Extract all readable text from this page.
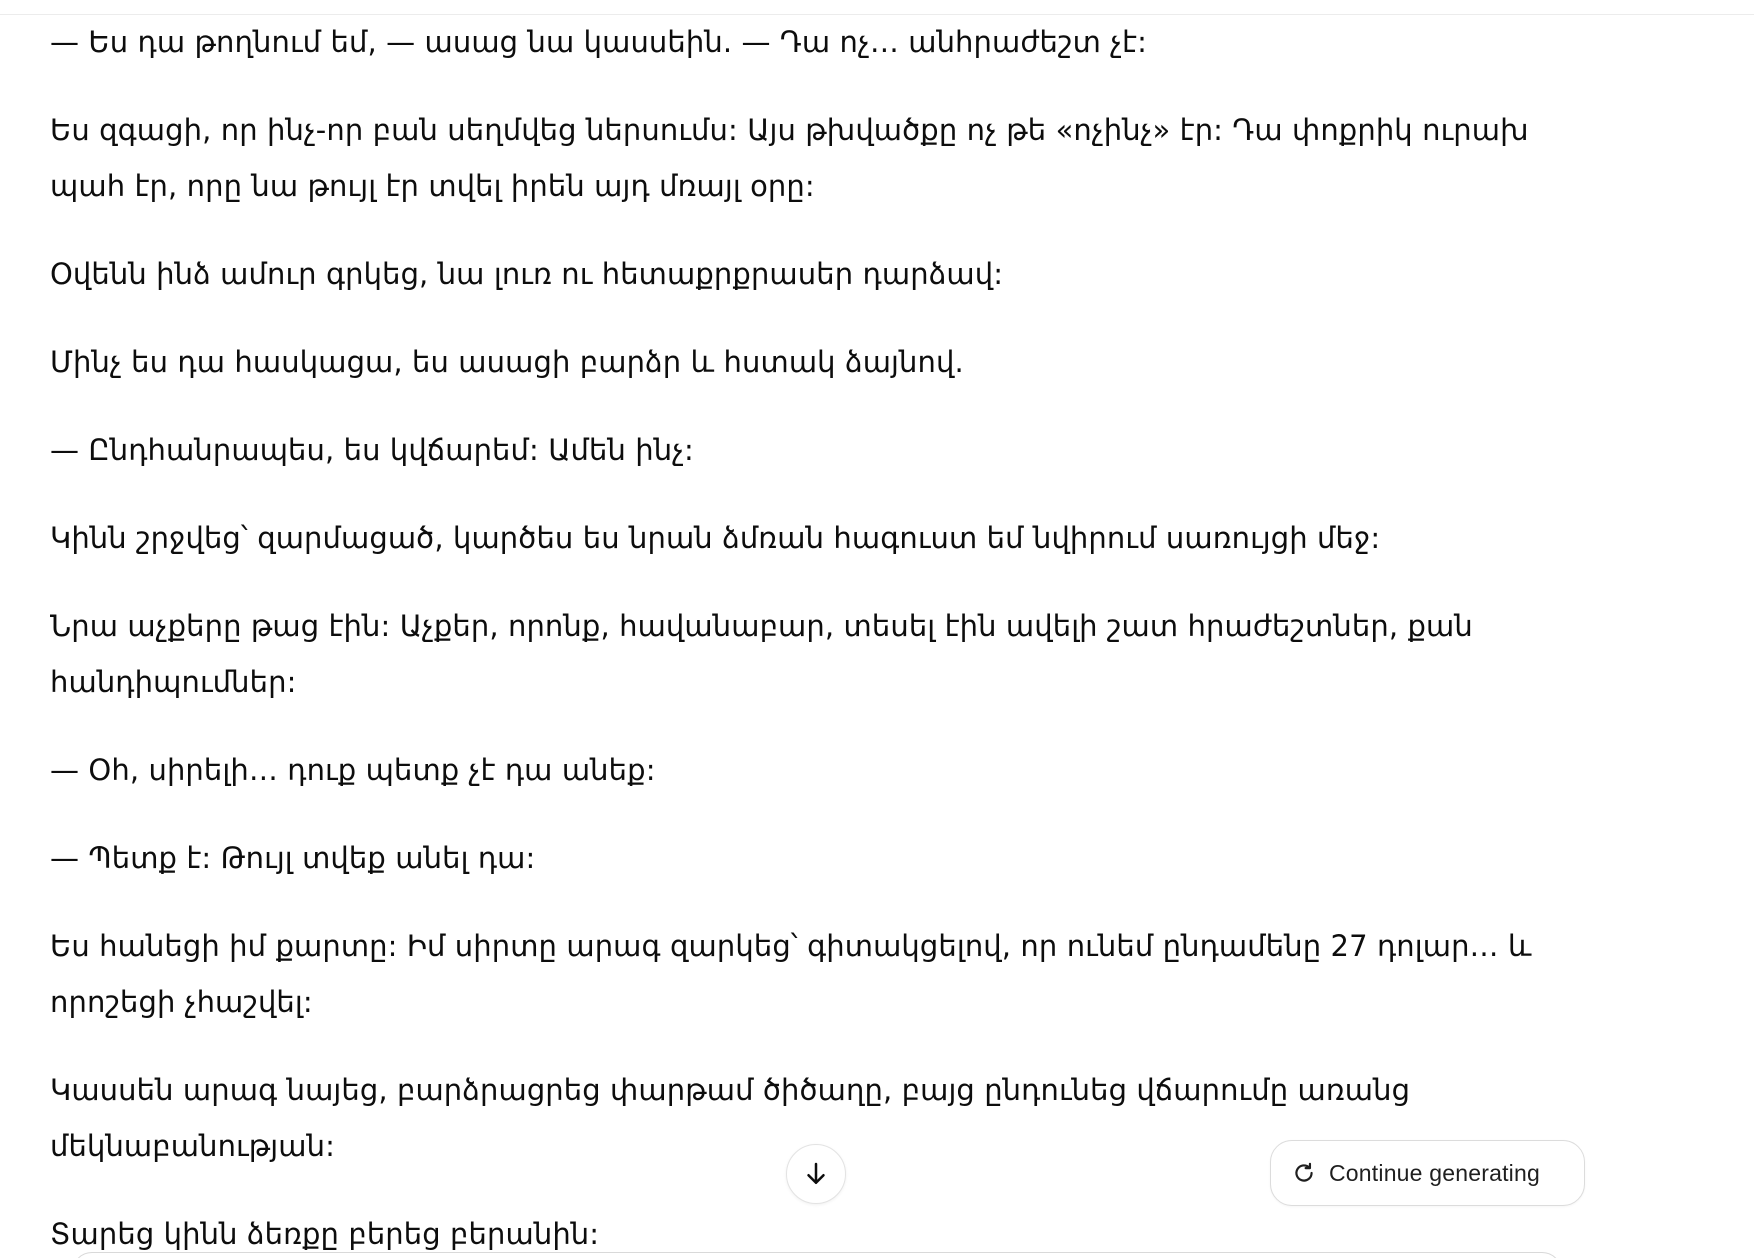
— Ես դա թողնում եմ, — ասաց նա կասսեին. — Դա ոչ… անհրաժեշտ չէ:

Ես զգացի, որ ինչ-որ բան սեղմվեց ներսումս: Այս թխվածքը ոչ թե «ոչինչ» էր: Դա փոքրիկ ուրախ պահ էր, որը նա թույլ էր տվել իրեն այդ մռայլ օրը:

Օվենն ինձ ամուր գրկեց, նա լուռ ու հետաքրքրասեր դարձավ:

Մինչ ես դա հասկացա, ես ասացի բարձր և հստակ ձայնով.

— Ընդհանրապես, ես կվճարեմ: Ամեն ինչ:

Կինն շրջվեց՝ զարմացած, կարծես ես նրան ձմռան հագուստ եմ նվիրում սառույցի մեջ:

Նրա աչքերը թաց էին: Աչքեր, որոնք, հավանաբար, տեսել էին ավելի շատ հրաժեշտներ, քան հանդիպումներ:

— Օհ, սիրելի… դուք պետք չէ դա անեք:

— Պետք է: Թույլ տվեք անել դա:

Ես հանեցի իմ քարտը: Իմ սիրտը արագ զարկեց՝ գիտակցելով, որ ունեմ ընդամենը 27 դոլար… և որոշեցի չհաշվել:

Կասսեն արագ նայեց, բարձրացրեց փարթամ ծիծաղը, բայց ընդունեց վճարումը առանց մեկնաբանության:

Տարեց կինն ձեռքը բերեց բերանին:

Continue generating
